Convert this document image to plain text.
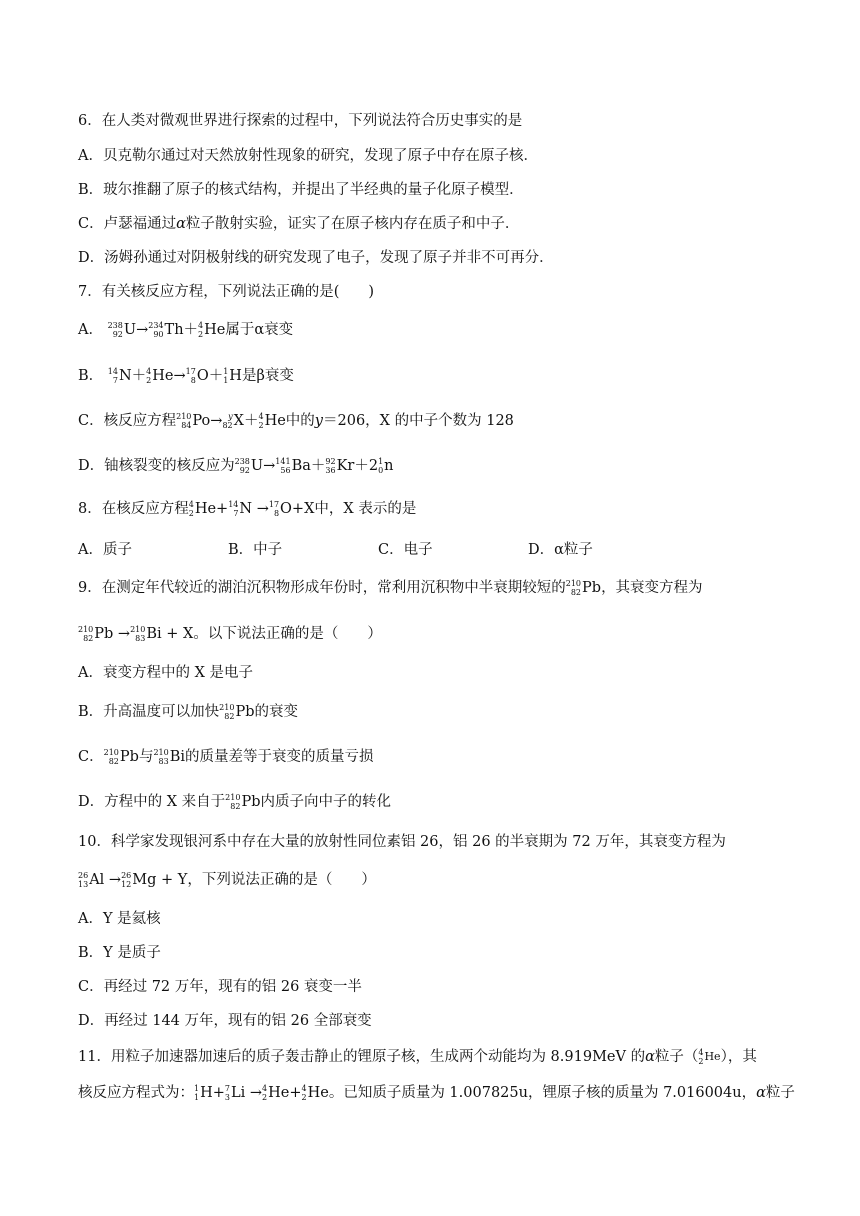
6．在人类对微观世界进行探索的过程中，下列说法符合历史事实的是
A．贝克勒尔通过对天然放射性现象的研究，发现了原子中存在原子核．
B．玻尔推翻了原子的核式结构，并提出了半经典的量子化原子模型．
C．卢瑟福通过α粒子散射实验，证实了在原子核内存在质子和中子．
D．汤姆孙通过对阴极射线的研究发现了电子，发现了原子并非不可再分．
7．有关核反应方程，下列说法正确的是(　　)
A． 238
92 U→ 234
90 Th＋ 4
2 He 属于α衰变
B． 14
7 N＋ 4
2 He→ 17
8 O＋ 1
1 H 是β衰变
C．核反应方程 210
84 Po→ y
82 X＋ 4
2 He 中的y＝206，X 的中子个数为 128
D．铀核裂变的核反应为 238
92 U→ 141
56 Ba＋ 92
36 Kr＋2 1
0 n
8．在核反应方程 4
2 He+ 14
7 N → 17
8 O+X 中，X 表示的是
A．质子	B．中子	C．电子	D．α粒子
9．在测定年代较近的湖泊沉积物形成年份时，常利用沉积物中半衰期较短的 210
82 Pb ，其衰变方程为
210
82 Pb → 210
83 Bi + X 。以下说法正确的是（　　）
A．衰变方程中的 X 是电子
B．升高温度可以加快 210
82 Pb 的衰变
C． 210
82 Pb 与 210
83 Bi 的质量差等于衰变的质量亏损
D．方程中的 X 来自于 210
82 Pb 内质子向中子的转化
10．科学家发现银河系中存在大量的放射性同位素铝 26，铝 26 的半衰期为 72 万年，其衰变方程为
26
13 Al → 26
12 Mg + Y ，下列说法正确的是（　　）
A．Y 是氦核
B．Y 是质子
C．再经过 72 万年，现有的铝 26 衰变一半
D．再经过 144 万年，现有的铝 26 全部衰变
11．用粒子加速器加速后的质子轰击静止的锂原子核，生成两个动能均为 8.919MeV 的α粒子（ 4
2 He ），其
核反应方程式为： 1
1 H+ 7
3 Li → 4
2 He+ 4
2 He 。已知质子质量为 1.007825u，锂原子核的质量为 7.016004u，α粒子
